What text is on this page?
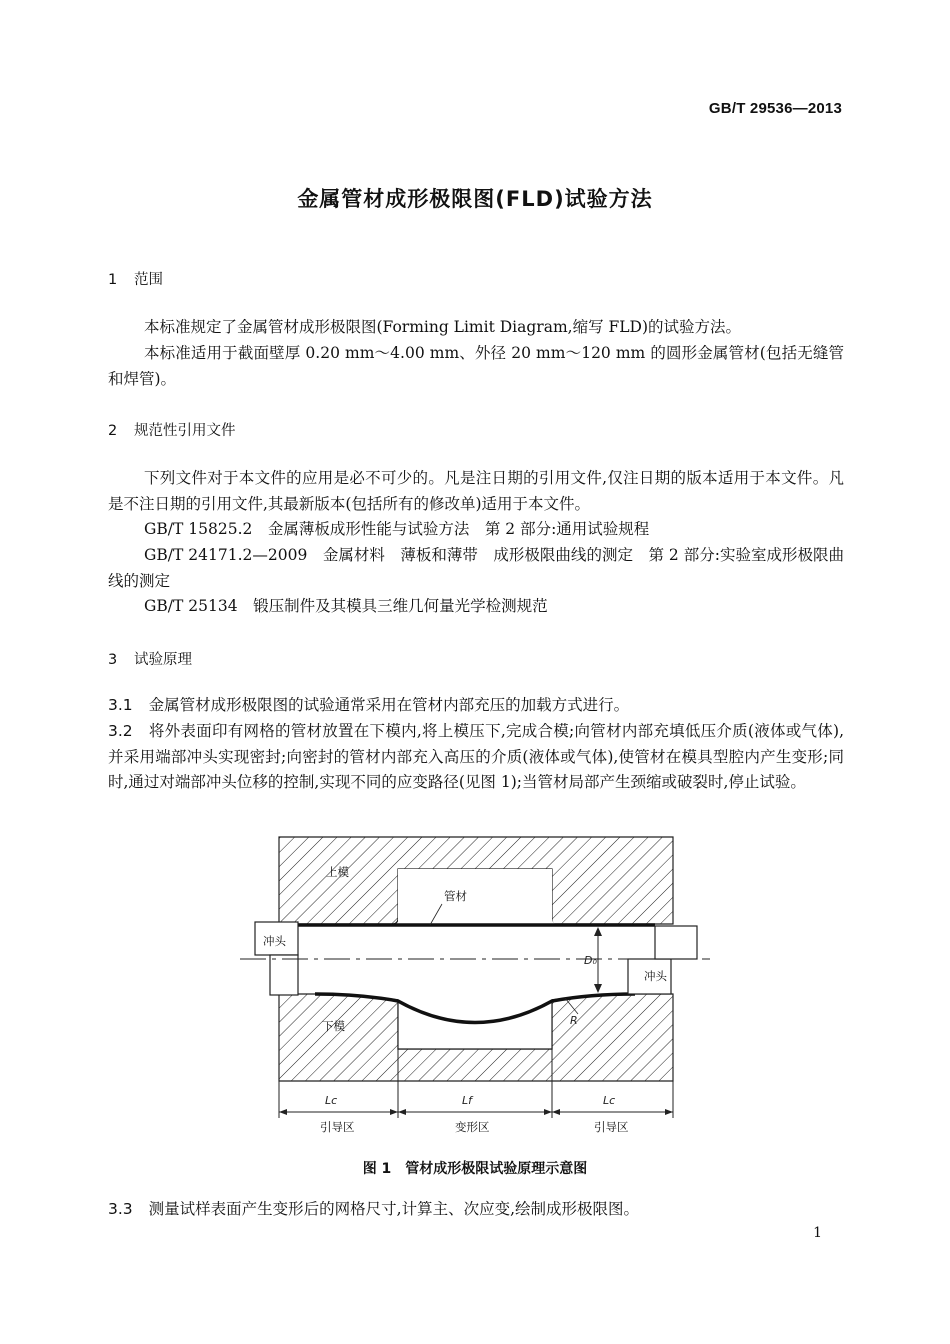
GB/T 29536—2013
金属管材成形极限图(FLD)试验方法
1 范围
本标准规定了金属管材成形极限图(Forming Limit Diagram,缩写 FLD)的试验方法。
本标准适用于截面壁厚 0.20 mm～4.00 mm、外径 20 mm～120 mm 的圆形金属管材(包括无缝管和焊管)。
2 规范性引用文件
下列文件对于本文件的应用是必不可少的。凡是注日期的引用文件,仅注日期的版本适用于本文件。凡是不注日期的引用文件,其最新版本(包括所有的修改单)适用于本文件。
GB/T 15825.2　金属薄板成形性能与试验方法　第 2 部分:通用试验规程
GB/T 24171.2—2009　金属材料　薄板和薄带　成形极限曲线的测定　第 2 部分:实验室成形极限曲线的测定
GB/T 25134　锻压制件及其模具三维几何量光学检测规范
3 试验原理
3.1 金属管材成形极限图的试验通常采用在管材内部充压的加载方式进行。
3.2 将外表面印有网格的管材放置在下模内,将上模压下,完成合模;向管材内部充填低压介质(液体或气体),并采用端部冲头实现密封;向密封的管材内部充入高压的介质(液体或气体),使管材在模具型腔内产生变形;同时,通过对端部冲头位移的控制,实现不同的应变路径(见图 1);当管材局部产生颈缩或破裂时,停止试验。
D₀
R
上模
下模
管材
冲头
冲头
Lc	Lf	Lc
引导区	变形区	引导区
图 1　管材成形极限试验原理示意图
3.3 测量试样表面产生变形后的网格尺寸,计算主、次应变,绘制成形极限图。
1
